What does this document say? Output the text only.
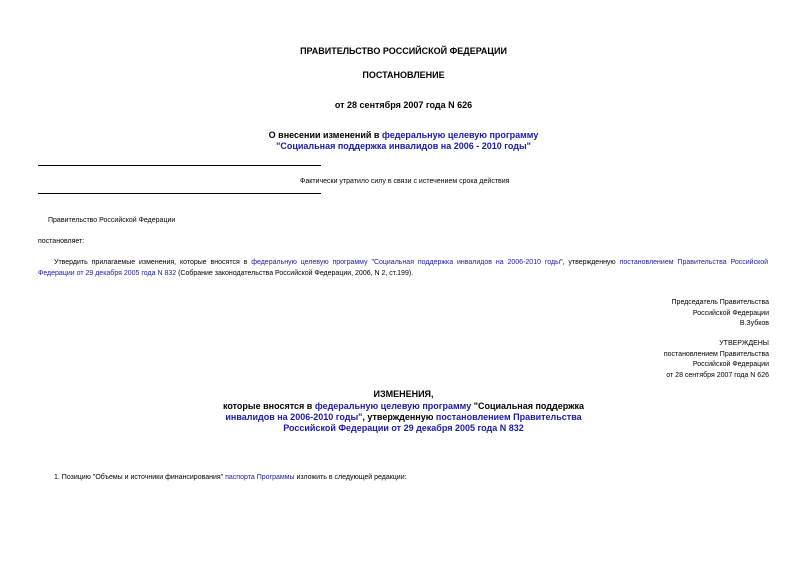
ПРАВИТЕЛЬСТВО РОССИЙСКОЙ ФЕДЕРАЦИИ
ПОСТАНОВЛЕНИЕ
от 28 сентября 2007 года N 626
О внесении изменений в федеральную целевую программу
"Социальная поддержка инвалидов на 2006 - 2010 годы"
Фактически утратило силу в связи с истечением срока действия
Правительство Российской Федерации
постановляет:
Утвердить прилагаемые изменения, которые вносятся в федеральную целевую программу "Социальная поддержка инвалидов на 2006-2010 годы", утвержденную постановлением Правительства Российской Федерации от 29 декабря 2005 года N 832 (Собрание законодательства Российской Федерации, 2006, N 2, ст.199).
Председатель Правительства
Российской Федерации
В.Зубков
УТВЕРЖДЕНЫ
постановлением Правительства
Российской Федерации
от 28 сентября 2007 года N 626
ИЗМЕНЕНИЯ,
которые вносятся в федеральную целевую программу "Социальная поддержка
инвалидов на 2006-2010 годы", утвержденную постановлением Правительства
Российской Федерации от 29 декабря 2005 года N 832
1. Позицию "Объемы и источники финансирования" паспорта Программы изложить в следующей редакции:
